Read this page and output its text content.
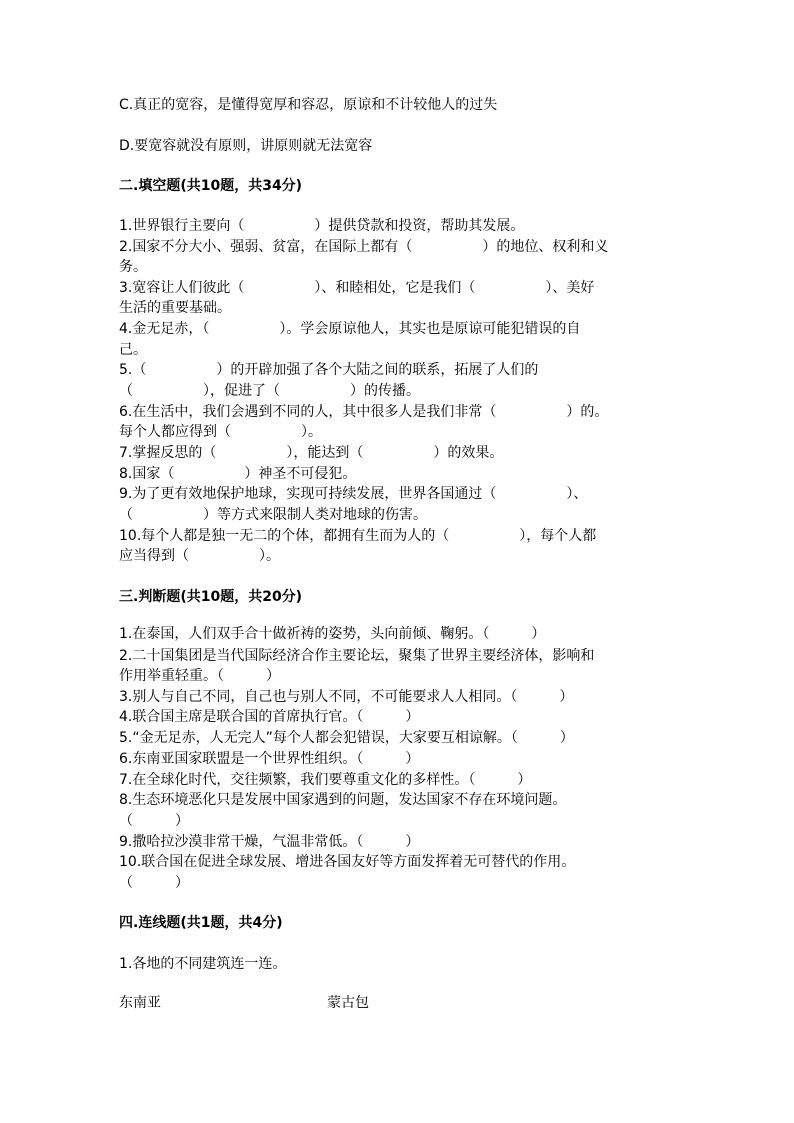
C.真正的宽容，是懂得宽厚和容忍，原谅和不计较他人的过失

D.要宽容就没有原则，讲原则就无法宽容

二.填空题(共10题，共34分)

1.世界银行主要向（　　　　　）提供贷款和投资，帮助其发展。

2.国家不分大小、强弱、贫富，在国际上都有（　　　　　）的地位、权利和义

务。

3.宽容让人们彼此（　　　　　）、和睦相处，它是我们（　　　　　）、美好

生活的重要基础。

4.金无足赤，（　　　　　）。学会原谅他人，其实也是原谅可能犯错误的自

己。

5.（　　　　　）的开辟加强了各个大陆之间的联系，拓展了人们的

（　　　　　），促进了（　　　　　）的传播。

6.在生活中，我们会遇到不同的人，其中很多人是我们非常（　　　　　）的。

每个人都应得到（　　　　　）。

7.掌握反思的（　　　　　），能达到（　　　　　）的效果。

8.国家（　　　　　）神圣不可侵犯。

9.为了更有效地保护地球，实现可持续发展，世界各国通过（　　　　　）、

（　　　　　）等方式来限制人类对地球的伤害。

10.每个人都是独一无二的个体，都拥有生而为人的（　　　　　），每个人都

应当得到（　　　　　）。

三.判断题(共10题，共20分)

1.在泰国，人们双手合十做祈祷的姿势，头向前倾、鞠躬。（　　　）

2.二十国集团是当代国际经济合作主要论坛，聚集了世界主要经济体，影响和

作用举重轻重。（　　　）

3.别人与自己不同，自己也与别人不同，不可能要求人人相同。（　　　）

4.联合国主席是联合国的首席执行官。（　　　）

5.“金无足赤，人无完人”每个人都会犯错误，大家要互相谅解。（　　　）

6.东南亚国家联盟是一个世界性组织。（　　　）

7.在全球化时代，交往频繁，我们要尊重文化的多样性。（　　　）

8.生态环境恶化只是发展中国家遇到的问题，发达国家不存在环境问题。

（　　　）

9.撒哈拉沙漠非常干燥，气温非常低。（　　　）

10.联合国在促进全球发展、增进各国友好等方面发挥着无可替代的作用。

（　　　）

四.连线题(共1题，共4分)

1.各地的不同建筑连一连。

东南亚	蒙古包
